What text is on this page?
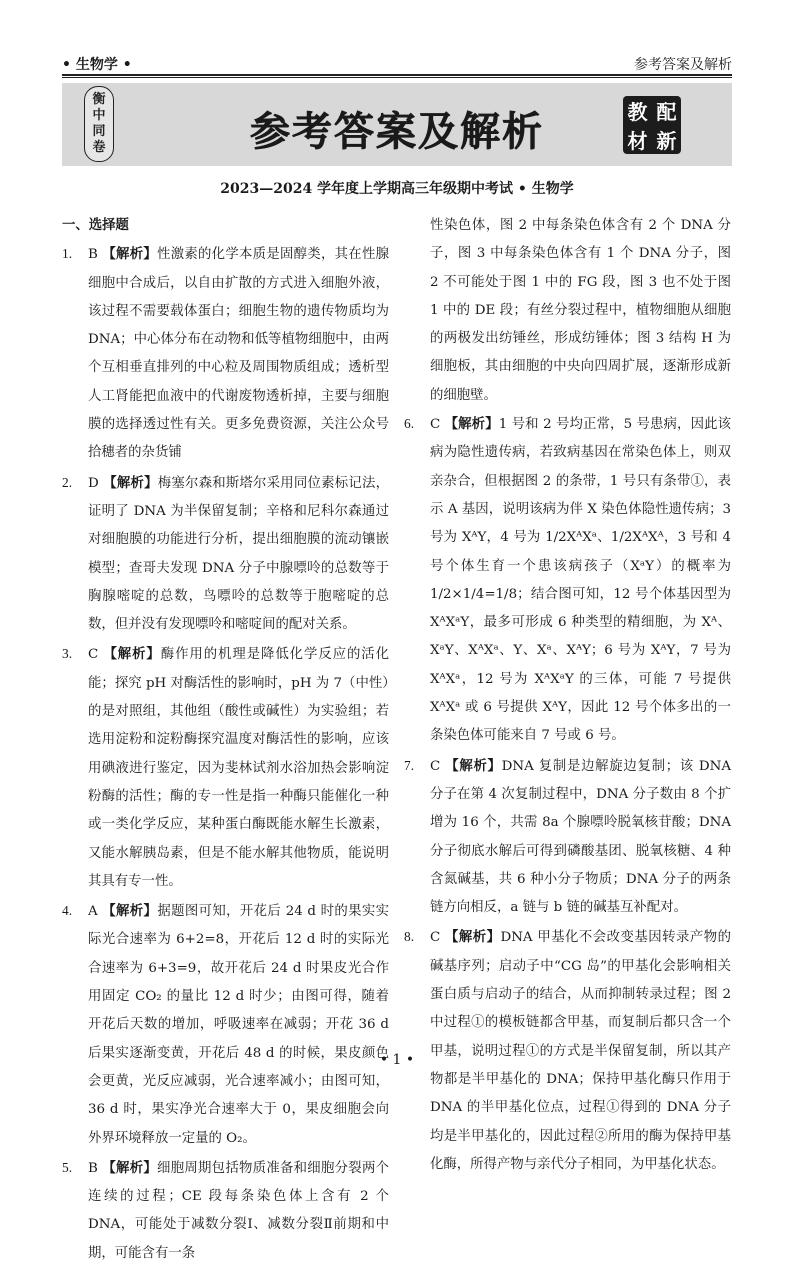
• 生物学 •	参考答案及解析
衡
中
同
卷	参考答案及解析	教 配
材 新
2023—2024 学年度上学期高三年级期中考试 • 生物学
一、选择题
1. B 【解析】性激素的化学本质是固醇类，其在性腺细胞中合成后，以自由扩散的方式进入细胞外液，该过程不需要载体蛋白；细胞生物的遗传物质均为 DNA；中心体分布在动物和低等植物细胞中，由两个互相垂直排列的中心粒及周围物质组成；透析型人工肾能把血液中的代谢废物透析掉，主要与细胞膜的选择透过性有关。更多免费资源，关注公众号拾穗者的杂货铺
2. D 【解析】梅塞尔森和斯塔尔采用同位素标记法，证明了 DNA 为半保留复制；辛格和尼科尔森通过对细胞膜的功能进行分析，提出细胞膜的流动镶嵌模型；查哥夫发现 DNA 分子中腺嘌呤的总数等于胸腺嘧啶的总数，鸟嘌呤的总数等于胞嘧啶的总数，但并没有发现嘌呤和嘧啶间的配对关系。
3. C 【解析】酶作用的机理是降低化学反应的活化能；探究 pH 对酶活性的影响时，pH 为 7（中性）的是对照组，其他组（酸性或碱性）为实验组；若选用淀粉和淀粉酶探究温度对酶活性的影响，应该用碘液进行鉴定，因为斐林试剂水浴加热会影响淀粉酶的活性；酶的专一性是指一种酶只能催化一种或一类化学反应，某种蛋白酶既能水解生长激素，又能水解胰岛素，但是不能水解其他物质，能说明其具有专一性。
4. A 【解析】据题图可知，开花后 24 d 时的果实实际光合速率为 6+2=8，开花后 12 d 时的实际光合速率为 6+3=9，故开花后 24 d 时果皮光合作用固定 CO₂ 的量比 12 d 时少；由图可得，随着开花后天数的增加，呼吸速率在减弱；开花 36 d 后果实逐渐变黄，开花后 48 d 的时候，果皮颜色会更黄，光反应减弱，光合速率减小；由图可知，36 d 时，果实净光合速率大于 0，果皮细胞会向外界环境释放一定量的 O₂。
5. B 【解析】细胞周期包括物质准备和细胞分裂两个连续的过程；CE 段每条染色体上含有 2 个 DNA，可能处于减数分裂Ⅰ、减数分裂Ⅱ前期和中期，可能含有一条
性染色体，图 2 中每条染色体含有 2 个 DNA 分子，图 3 中每条染色体含有 1 个 DNA 分子，图 2 不可能处于图 1 中的 FG 段，图 3 也不处于图 1 中的 DE 段；有丝分裂过程中，植物细胞从细胞的两极发出纺锤丝，形成纺锤体；图 3 结构 H 为细胞板，其由细胞的中央向四周扩展，逐渐形成新的细胞壁。
6. C 【解析】1 号和 2 号均正常，5 号患病，因此该病为隐性遗传病，若致病基因在常染色体上，则双亲杂合，但根据图 2 的条带，1 号只有条带①，表示 A 基因，说明该病为伴 X 染色体隐性遗传病；3 号为 XᴬY，4 号为 1/2XᴬXᵃ、1/2XᴬXᴬ，3 号和 4 号个体生育一个患该病孩子（XᵃY）的概率为 1/2×1/4=1/8；结合图可知，12 号个体基因型为 XᴬXᵃY，最多可形成 6 种类型的精细胞，为 Xᴬ、XᵃY、XᴬXᵃ、Y、Xᵃ、XᴬY；6 号为 XᴬY，7 号为 XᴬXᵃ，12 号为 XᴬXᵃY 的三体，可能 7 号提供 XᴬXᵃ 或 6 号提供 XᴬY，因此 12 号个体多出的一条染色体可能来自 7 号或 6 号。
7. C 【解析】DNA 复制是边解旋边复制；该 DNA 分子在第 4 次复制过程中，DNA 分子数由 8 个扩增为 16 个，共需 8a 个腺嘌呤脱氧核苷酸；DNA 分子彻底水解后可得到磷酸基团、脱氧核糖、4 种含氮碱基，共 6 种小分子物质；DNA 分子的两条链方向相反，a 链与 b 链的碱基互补配对。
8. C 【解析】DNA 甲基化不会改变基因转录产物的碱基序列；启动子中“CG 岛”的甲基化会影响相关蛋白质与启动子的结合，从而抑制转录过程；图 2 中过程①的模板链都含甲基，而复制后都只含一个甲基，说明过程①的方式是半保留复制，所以其产物都是半甲基化的 DNA；保持甲基化酶只作用于 DNA 的半甲基化位点，过程①得到的 DNA 分子均是半甲基化的，因此过程②所用的酶为保持甲基化酶，所得产物与亲代分子相同，为甲基化状态。
• 1 •
